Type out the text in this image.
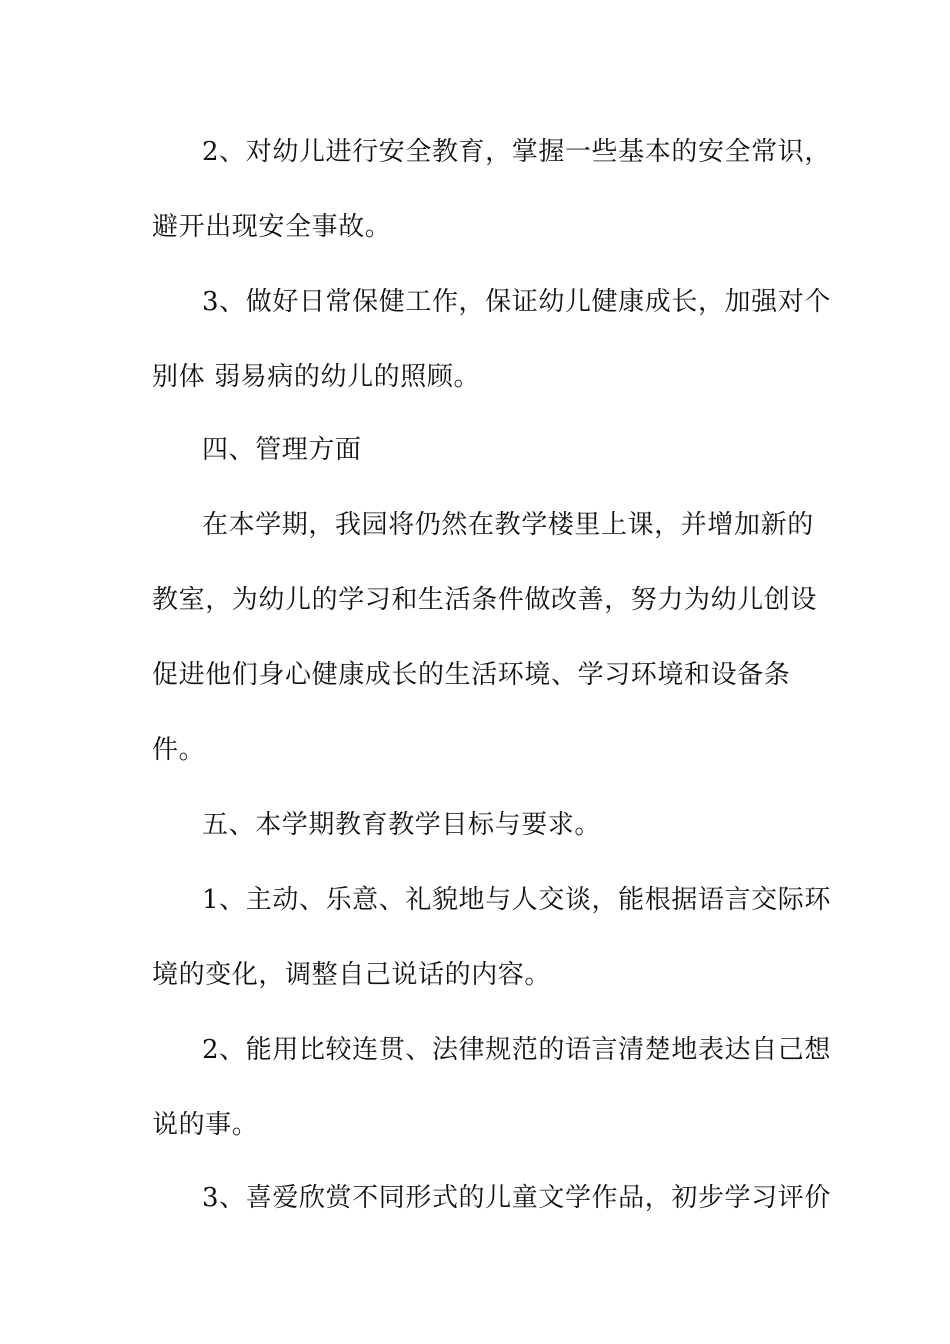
2、对幼儿进行安全教育，掌握一些基本的安全常识，
避开出现安全事故。
3、做好日常保健工作，保证幼儿健康成长，加强对个
别体 弱易病的幼儿的照顾。
四、管理方面
在本学期，我园将仍然在教学楼里上课，并增加新的
教室，为幼儿的学习和生活条件做改善，努力为幼儿创设
促进他们身心健康成长的生活环境、学习环境和设备条
件。
五、本学期教育教学目标与要求。
1、主动、乐意、礼貌地与人交谈，能根据语言交际环
境的变化，调整自己说话的内容。
2、能用比较连贯、法律规范的语言清楚地表达自己想
说的事。
3、喜爱欣赏不同形式的儿童文学作品，初步学习评价
